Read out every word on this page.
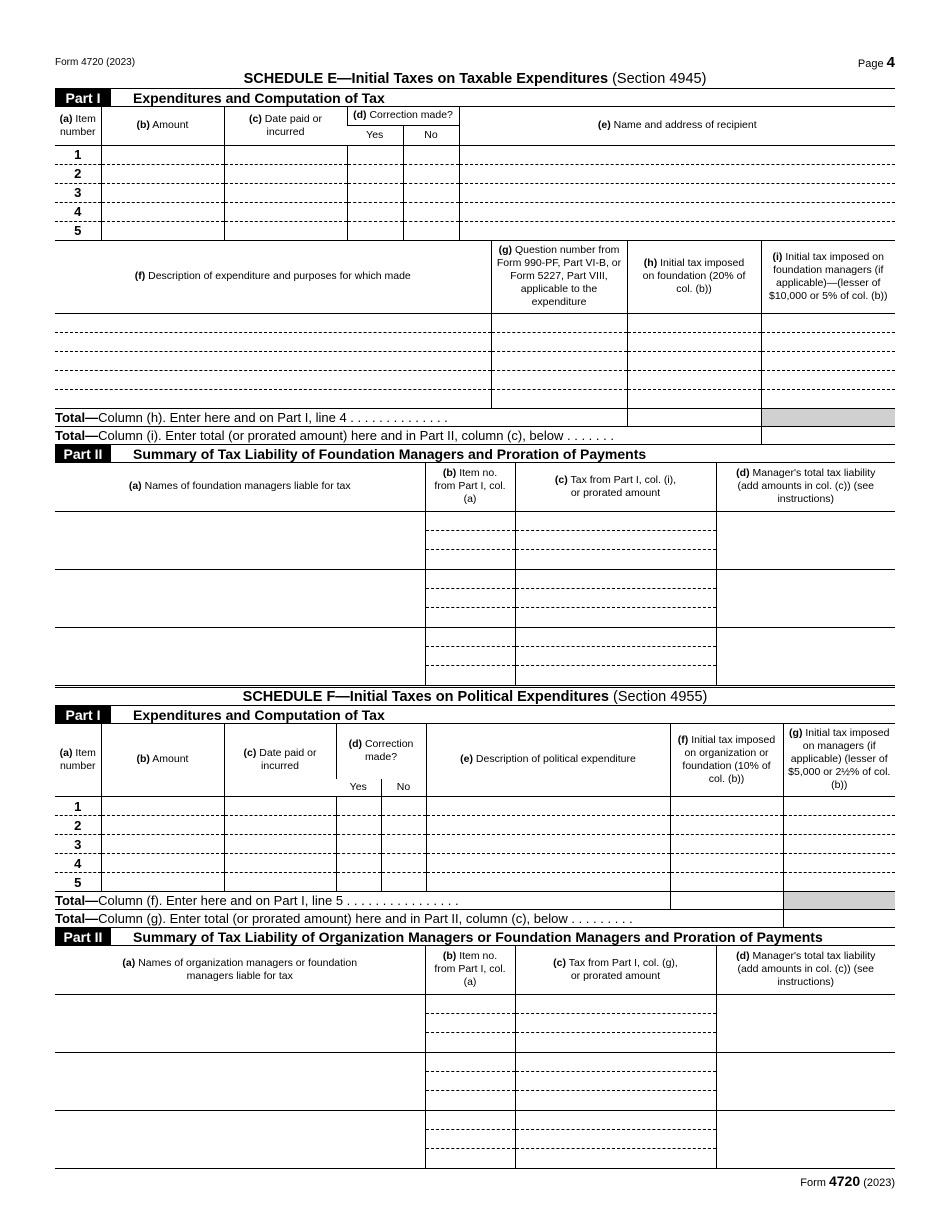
Form 4720 (2023)	Page 4
SCHEDULE E—Initial Taxes on Taxable Expenditures (Section 4945)
Part I	Expenditures and Computation of Tax
(a) Item number	(b) Amount	(c) Date paid or incurred	(d) Correction made?		(e) Name and address of recipient
			Yes	No	
1					
2					
3					
4					
5					
(f) Description of expenditure and purposes for which made	(g) Question number from Form 990-PF, Part VI-B, or Form 5227, Part VIII, applicable to the expenditure	(h) Initial tax imposed on foundation (20% of col. (b))	(i) Initial tax imposed on foundation managers (if applicable)—(lesser of $10,000 or 5% of col. (b))

Total—Column (h). Enter here and on Part I, line 4 . . . . . . . . . . . . . .
Total—Column (i). Enter total (or prorated amount) here and in Part II, column (c), below . . . . . . .
Part II	Summary of Tax Liability of Foundation Managers and Proration of Payments
(a) Names of foundation managers liable for tax	(b) Item no. from Part I, col. (a)	(c) Tax from Part I, col. (i), or prorated amount	(d) Manager's total tax liability (add amounts in col. (c)) (see instructions)

SCHEDULE F—Initial Taxes on Political Expenditures (Section 4955)
Part I	Expenditures and Computation of Tax
(a) Item number	(b) Amount	(c) Date paid or incurred	(d) Correction made?		(e) Description of political expenditure	(f) Initial tax imposed on organization or foundation (10% of col. (b))	(g) Initial tax imposed on managers (if applicable) (lesser of $5,000 or 2½% of col. (b))
			Yes	No			
1							
2							
3							
4							
5							
Total—Column (f). Enter here and on Part I, line 5 . . . . . . . . . . . . . . . .
Total—Column (g). Enter total (or prorated amount) here and in Part II, column (c), below . . . . . . . . .
Part II	Summary of Tax Liability of Organization Managers or Foundation Managers and Proration of Payments
(a) Names of organization managers or foundation managers liable for tax	(b) Item no. from Part I, col. (a)	(c) Tax from Part I, col. (g), or prorated amount	(d) Manager's total tax liability (add amounts in col. (c)) (see instructions)

Form 4720 (2023)
